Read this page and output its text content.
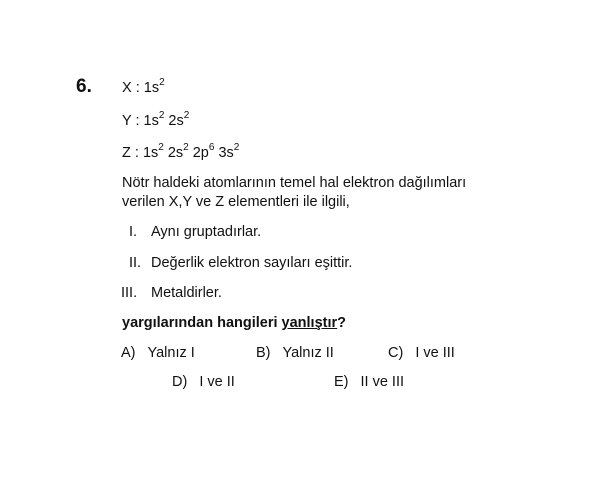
6. X : $1s^2$
Y : $1s^2$ $2s^2$
Z : $1s^2$ $2s^2$ $2p^6$ $3s^2$
Nötr haldeki atomlarının temel hal elektron dağılımları
verilen X,Y ve Z elementleri ile ilgili,
I. Aynı gruptadırlar.
II. Değerlik elektron sayıları eşittir.
III. Metaldirler.
yargılarından hangileri yanlıştır?
A) Yalnız I	B) Yalnız II	C) I ve III
D) I ve II	E) II ve III
